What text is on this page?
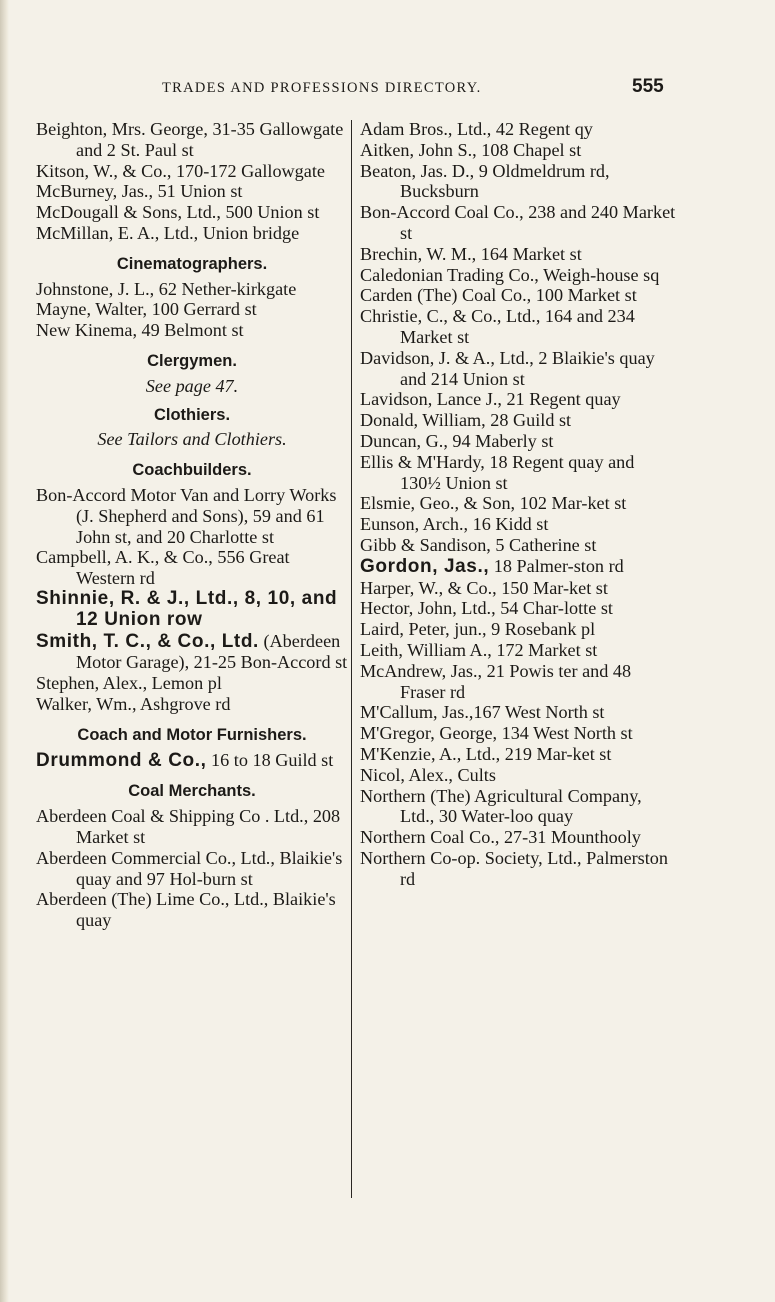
TRADES AND PROFESSIONS DIRECTORY.	555
Beighton, Mrs. George, 31-35 Gallowgate and 2 St. Paul st
Kitson, W., & Co., 170-172 Gallowgate
McBurney, Jas., 51 Union st
McDougall & Sons, Ltd., 500 Union st
McMillan, E. A., Ltd., Union bridge
Cinematographers.
Johnstone, J. L., 62 Nether-kirkgate
Mayne, Walter, 100 Gerrard st
New Kinema, 49 Belmont st
Clergymen.
See page 47.
Clothiers.
See Tailors and Clothiers.
Coachbuilders.
Bon-Accord Motor Van and Lorry Works (J. Shepherd and Sons), 59 and 61 John st, and 20 Charlotte st
Campbell, A. K., & Co., 556 Great Western rd
Shinnie, R. & J., Ltd., 8, 10, and 12 Union row
Smith, T. C., & Co., Ltd. (Aberdeen Motor Garage), 21-25 Bon-Accord st
Stephen, Alex., Lemon pl
Walker, Wm., Ashgrove rd
Coach and Motor Furnishers.
Drummond & Co., 16 to 18 Guild st
Coal Merchants.
Aberdeen Coal & Shipping Co . Ltd., 208 Market st
Aberdeen Commercial Co., Ltd., Blaikie's quay and 97 Hol-burn st
Aberdeen (The) Lime Co., Ltd., Blaikie's quay
Adam Bros., Ltd., 42 Regent qy
Aitken, John S., 108 Chapel st
Beaton, Jas. D., 9 Oldmeldrum rd, Bucksburn
Bon-Accord Coal Co., 238 and 240 Market st
Brechin, W. M., 164 Market st
Caledonian Trading Co., Weigh-house sq
Carden (The) Coal Co., 100 Market st
Christie, C., & Co., Ltd., 164 and 234 Market st
Davidson, J. & A., Ltd., 2 Blaikie's quay and 214 Union st
Lavidson, Lance J., 21 Regent quay
Donald, William, 28 Guild st
Duncan, G., 94 Maberly st
Ellis & M'Hardy, 18 Regent quay and 130½ Union st
Elsmie, Geo., & Son, 102 Mar-ket st
Eunson, Arch., 16 Kidd st
Gibb & Sandison, 5 Catherine st
Gordon, Jas., 18 Palmer-ston rd
Harper, W., & Co., 150 Mar-ket st
Hector, John, Ltd., 54 Char-lotte st
Laird, Peter, jun., 9 Rosebank pl
Leith, William A., 172 Market st
McAndrew, Jas., 21 Powis ter and 48 Fraser rd
M'Callum, Jas.,167 West North st
M'Gregor, George, 134 West North st
M'Kenzie, A., Ltd., 219 Mar-ket st
Nicol, Alex., Cults
Northern (The) Agricultural Company, Ltd., 30 Water-loo quay
Northern Coal Co., 27-31 Mounthooly
Northern Co-op. Society, Ltd., Palmerston rd
